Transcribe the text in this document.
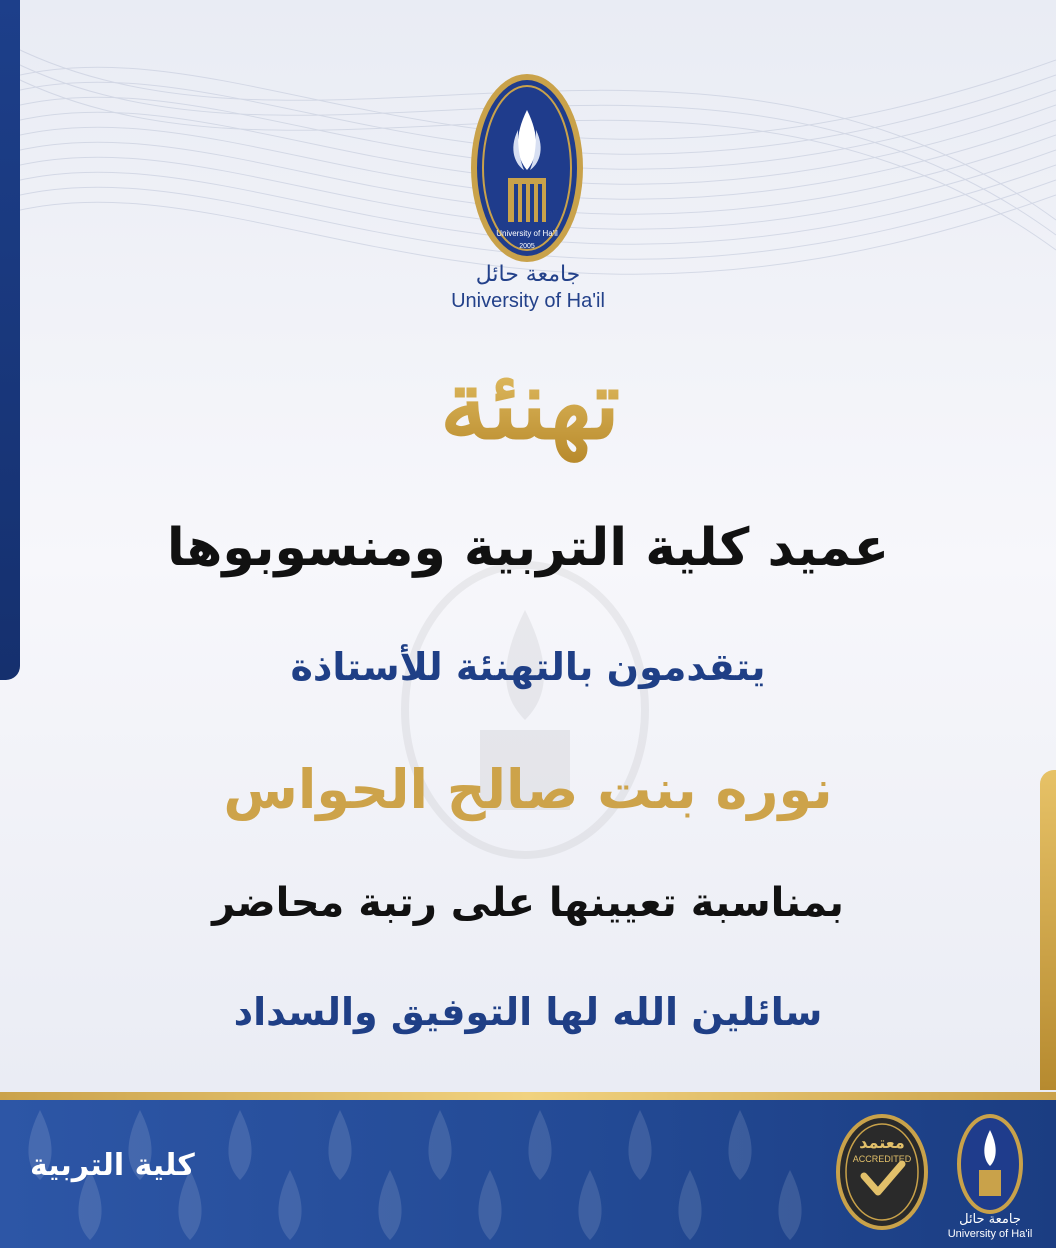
University of Ha'il
2005
جامعة حائل
University of Ha'il
تهنئة
عميد كلية التربية ومنسوبوها
يتقدمون بالتهنئة للأستاذة
نوره بنت صالح الحواس
بمناسبة تعيينها على رتبة محاضر
سائلين الله لها التوفيق والسداد
كلية التربية
معتمد
ACCREDITED
جامعة حائل
University of Ha'il
